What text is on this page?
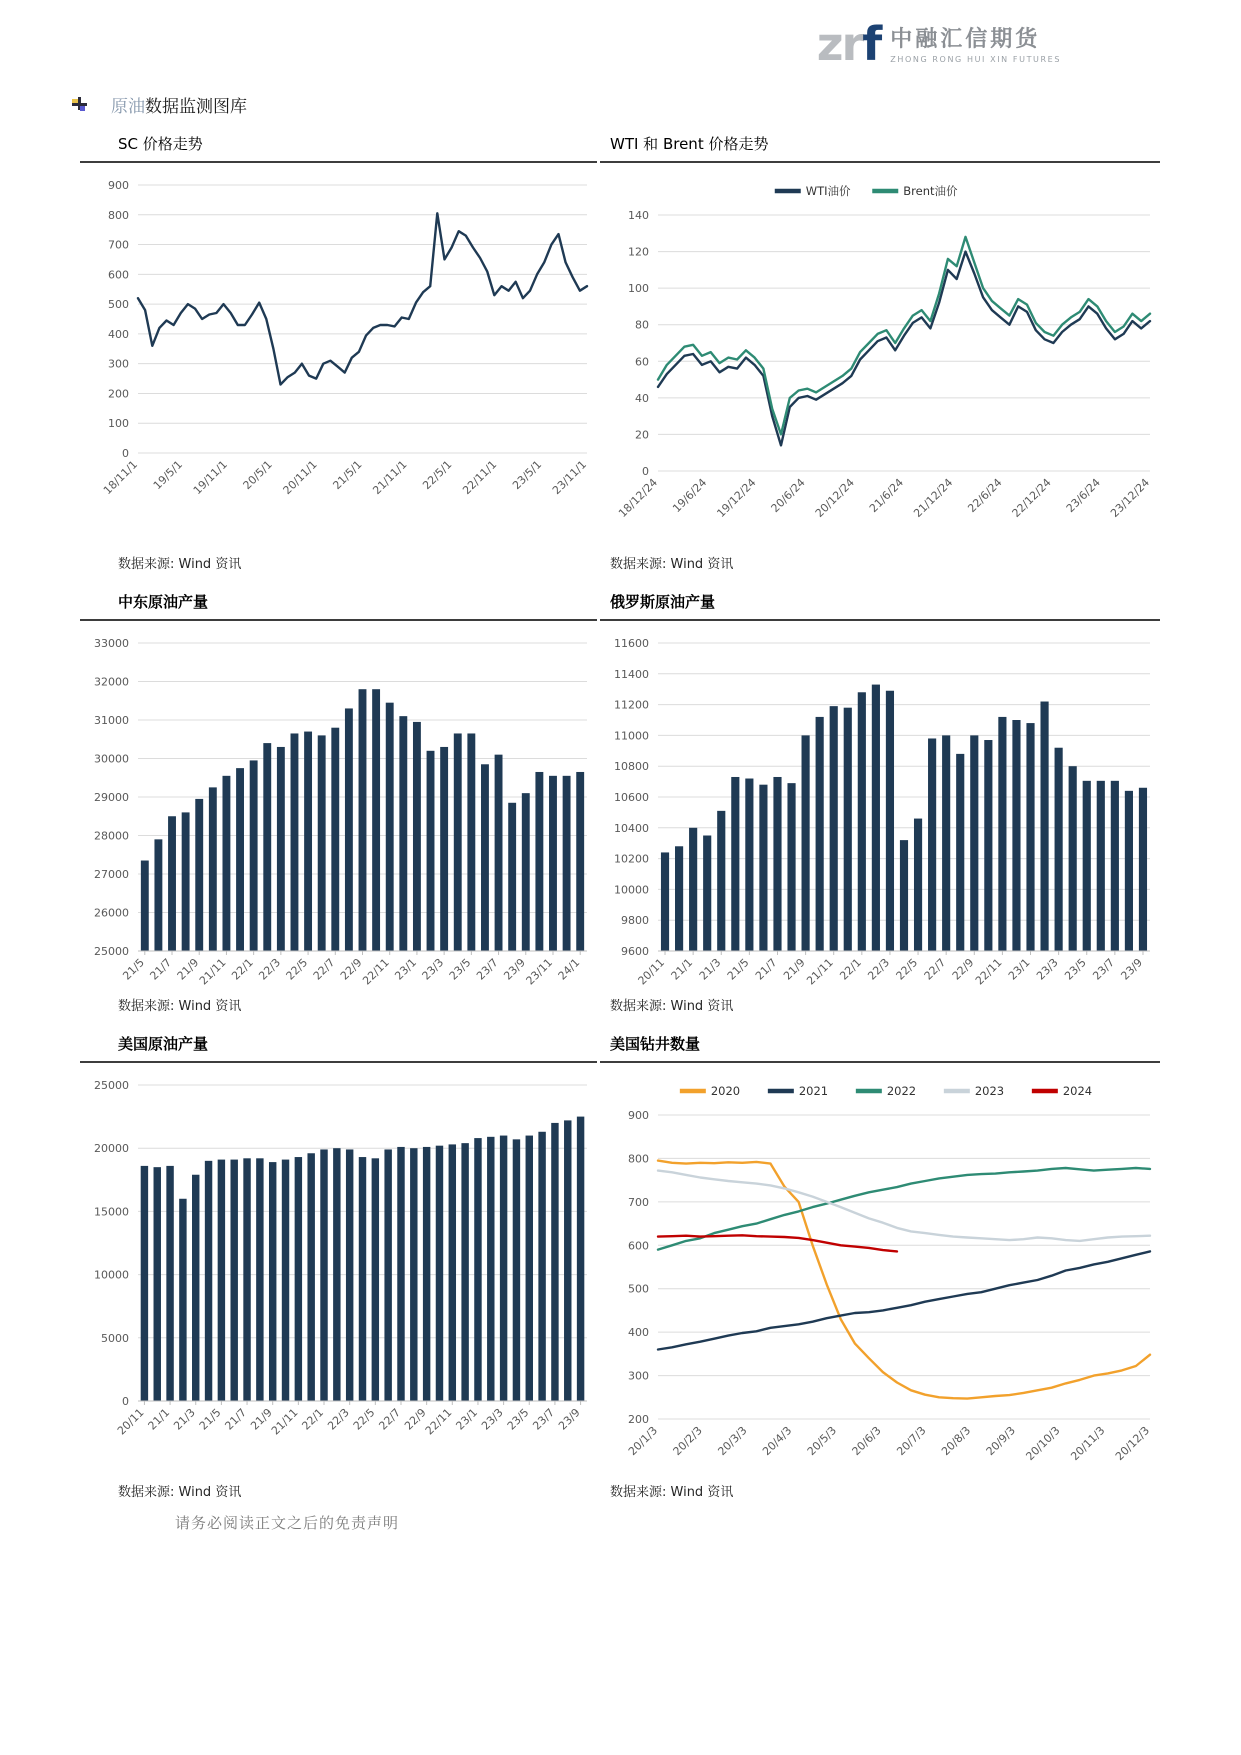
zrf 中融汇信期货
ZHONG RONG HUI XIN FUTURES
原油数据监测图库
SC 价格走势
0
100
200
300
400
500
600
700
800
900
18/11/1 19/5/1 19/11/1 20/5/1 20/11/1 21/5/1 21/11/1 22/5/1 22/11/1 23/5/1 23/11/1
数据来源: Wind 资讯
WTI 和 Brent 价格走势
0
20
40
60
80
100
120
140
18/12/24 19/6/24 19/12/24 20/6/24 20/12/24 21/6/24 21/12/24 22/6/24 22/12/24 23/6/24 23/12/24
WTI油价	Brent油价
数据来源: Wind 资讯
中东原油产量
25000
26000
27000
28000
29000
30000
31000
32000
33000
21/5 21/7 21/9
21/11 22/1 22/3 22/5 22/7 22/9
22/11 23/1 23/3 23/5 23/7 23/9
23/11 24/1
数据来源: Wind 资讯
俄罗斯原油产量
9600
9800
10000
10200
10400
10600
10800
11000
11200
11400
11600
20/11 21/1 21/3 21/5 21/7 21/9
21/11 22/1 22/3 22/5 22/7 22/9
22/11 23/1 23/3 23/5 23/7 23/9
数据来源: Wind 资讯
美国原油产量
0
5000
10000
15000
20000
25000
20/11 21/1
21/3 21/5
21/7 21/9
21/11
22/1 22/3
22/5 22/7
22/9
22/11 23/1
23/3 23/5
23/7 23/9
数据来源: Wind 资讯
美国钻井数量
200
300
400
500
600
700
800
900
20/1/3 20/2/3 20/3/3 20/4/3 20/5/3 20/6/3 20/7/3 20/8/3 20/9/3 20/10/3 20/11/3 20/12/3
2020	2021	2022	2023	2024
数据来源: Wind 资讯
请务必阅读正文之后的免责声明
